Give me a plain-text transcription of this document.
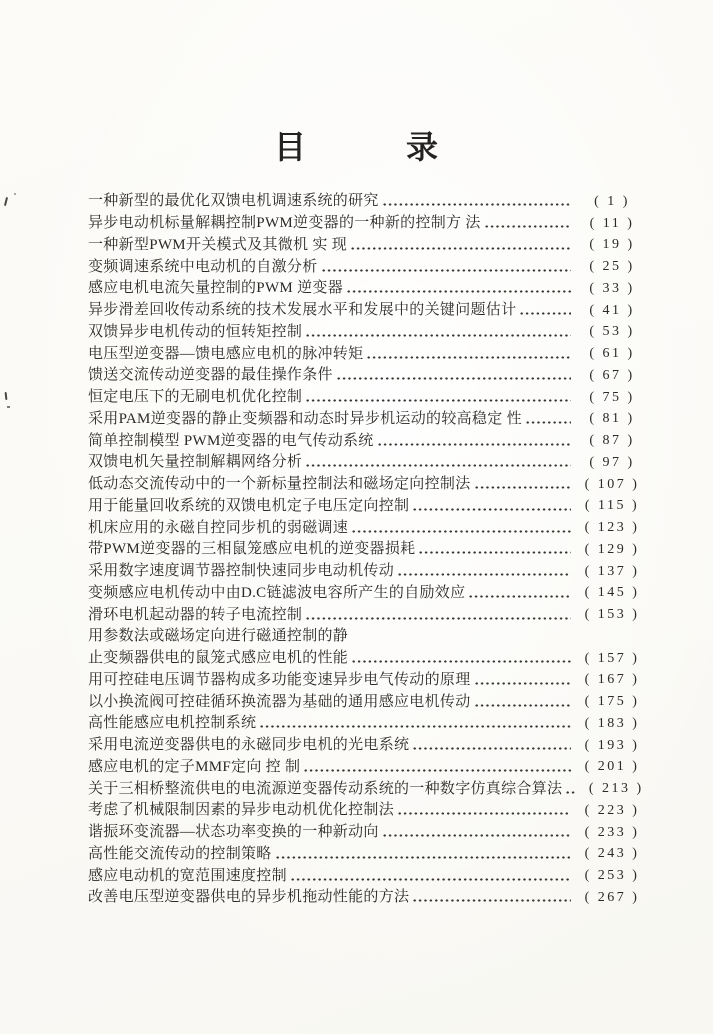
目　　　录
一种新型的最优化双馈电机调速系统的研究	( 1 )
异步电动机标量解耦控制PWM逆变器的一种新的控制方 法	( 11 )
一种新型PWM开关模式及其微机 实 现	( 19 )
变频调速系统中电动机的自激分析	( 25 )
感应电机电流矢量控制的PWM 逆变器	( 33 )
异步滑差回收传动系统的技术发展水平和发展中的关键问题估计	( 41 )
双馈异步电机传动的恒转矩控制	( 53 )
电压型逆变器—馈电感应电机的脉冲转矩	( 61 )
馈送交流传动逆变器的最佳操作条件	( 67 )
恒定电压下的无刷电机优化控制	( 75 )
采用PAM逆变器的静止变频器和动态时异步机运动的较高稳定 性	( 81 )
简单控制模型 PWM逆变器的电气传动系统	( 87 )
双馈电机矢量控制解耦网络分析	( 97 )
低动态交流传动中的一个新标量控制法和磁场定向控制法	( 107 )
用于能量回收系统的双馈电机定子电压定向控制	( 115 )
机床应用的永磁自控同步机的弱磁调速	( 123 )
带PWM逆变器的三相鼠笼感应电机的逆变器损耗	( 129 )
采用数字速度调节器控制快速同步电动机传动	( 137 )
变频感应电机传动中由D.C链滤波电容所产生的自励效应	( 145 )
滑环电机起动器的转子电流控制	( 153 )
用参数法或磁场定向进行磁通控制的静
止变频器供电的鼠笼式感应电机的性能	( 157 )
用可控硅电压调节器构成多功能变速异步电气传动的原理	( 167 )
以小换流阀可控硅循环换流器为基础的通用感应电机传动	( 175 )
高性能感应电机控制系统	( 183 )
采用电流逆变器供电的永磁同步电机的光电系统	( 193 )
感应电机的定子MMF定向 控 制	( 201 )
关于三相桥整流供电的电流源逆变器传动系统的一种数字仿真综合算法	( 213 )
考虑了机械限制因素的异步电动机优化控制法	( 223 )
谐振环变流器—状态功率变换的一种新动向	( 233 )
高性能交流传动的控制策略	( 243 )
感应电动机的宽范围速度控制	( 253 )
改善电压型逆变器供电的异步机拖动性能的方法	( 267 )
